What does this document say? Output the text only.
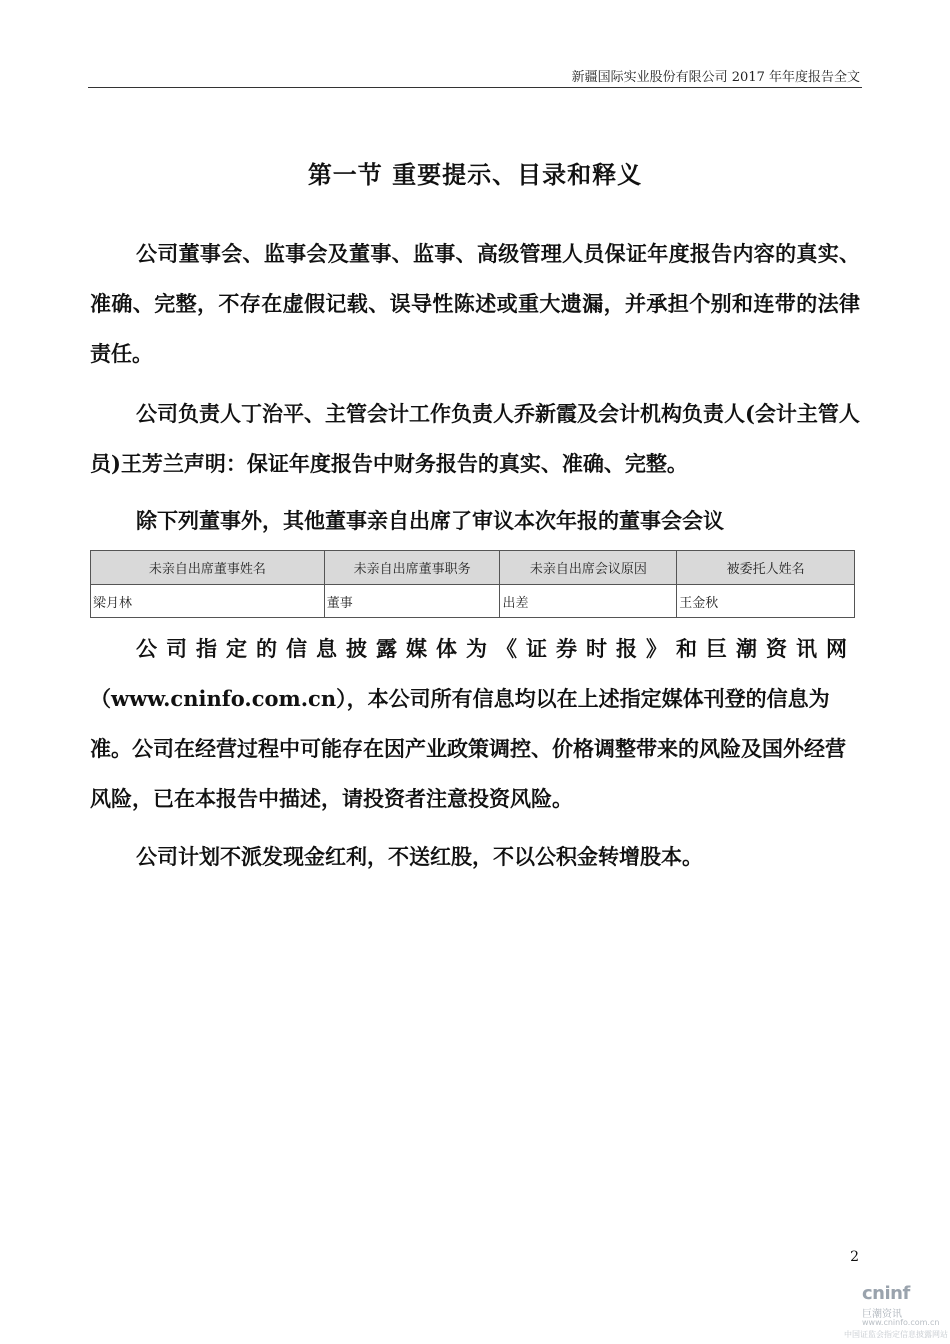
新疆国际实业股份有限公司 2017 年年度报告全文
第一节 重要提示、目录和释义

公司董事会、监事会及董事、监事、高级管理人员保证年度报告内容的真实、准确、完整，不存在虚假记载、误导性陈述或重大遗漏，并承担个别和连带的法律责任。

公司负责人丁治平、主管会计工作负责人乔新霞及会计机构负责人(会计主管人员)王芳兰声明：保证年度报告中财务报告的真实、准确、完整。

除下列董事外，其他董事亲自出席了审议本次年报的董事会会议

未亲自出席董事姓名	未亲自出席董事职务	未亲自出席会议原因	被委托人姓名
梁月林	董事	出差	王金秋

公司指定的信息披露媒体为《证券时报》和巨潮资讯网（www.cninfo.com.cn），本公司所有信息均以在上述指定媒体刊登的信息为准。公司在经营过程中可能存在因产业政策调控、价格调整带来的风险及国外经营风险，已在本报告中描述，请投资者注意投资风险。

公司计划不派发现金红利，不送红股，不以公积金转增股本。

2
cninf
巨潮资讯
www.cninfo.com.cn
中国证监会指定信息披露网站
